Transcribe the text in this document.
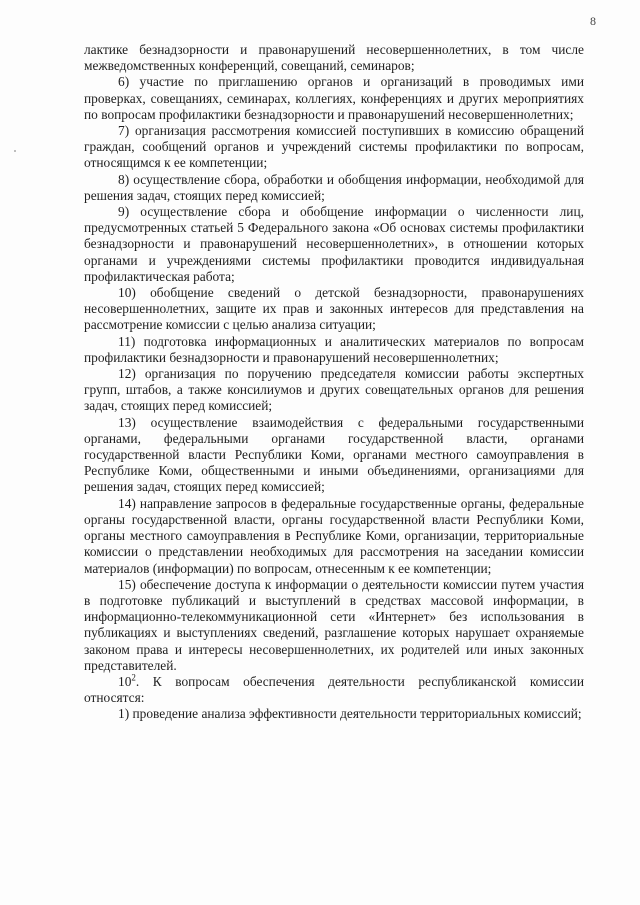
8

лактике безнадзорности и правонарушений несовершеннолетних, в том числе межведомственных конференций, совещаний, семинаров;

6) участие по приглашению органов и организаций в проводимых ими проверках, совещаниях, семинарах, коллегиях, конференциях и других мероприятиях по вопросам профилактики безнадзорности и правонарушений несовершеннолетних;

7) организация рассмотрения комиссией поступивших в комиссию обращений граждан, сообщений органов и учреждений системы профилактики по вопросам, относящимся к ее компетенции;

8) осуществление сбора, обработки и обобщения информации, необходимой для решения задач, стоящих перед комиссией;

9) осуществление сбора и обобщение информации о численности лиц, предусмотренных статьей 5 Федерального закона «Об основах системы профилактики безнадзорности и правонарушений несовершеннолетних», в отношении которых органами и учреждениями системы профилактики проводится индивидуальная профилактическая работа;

10) обобщение сведений о детской безнадзорности, правонарушениях несовершеннолетних, защите их прав и законных интересов для представления на рассмотрение комиссии с целью анализа ситуации;

11) подготовка информационных и аналитических материалов по вопросам профилактики безнадзорности и правонарушений несовершеннолетних;

12) организация по поручению председателя комиссии работы экспертных групп, штабов, а также консилиумов и других совещательных органов для решения задач, стоящих перед комиссией;

13) осуществление взаимодействия с федеральными государственными органами, федеральными органами государственной власти, органами государственной власти Республики Коми, органами местного самоуправления в Республике Коми, общественными и иными объединениями, организациями для решения задач, стоящих перед комиссией;

14) направление запросов в федеральные государственные органы, федеральные органы государственной власти, органы государственной власти Республики Коми, органы местного самоуправления в Республике Коми, организации, территориальные комиссии о представлении необходимых для рассмотрения на заседании комиссии материалов (информации) по вопросам, отнесенным к ее компетенции;

15) обеспечение доступа к информации о деятельности комиссии путем участия в подготовке публикаций и выступлений в средствах массовой информации, в информационно-телекоммуникационной сети «Интернет» без использования в публикациях и выступлениях сведений, разглашение которых нарушает охраняемые законом права и интересы несовершеннолетних, их родителей или иных законных представителей.

$10^2$. К вопросам обеспечения деятельности республиканской комиссии относятся:

1) проведение анализа эффективности деятельности территориальных комиссий;
